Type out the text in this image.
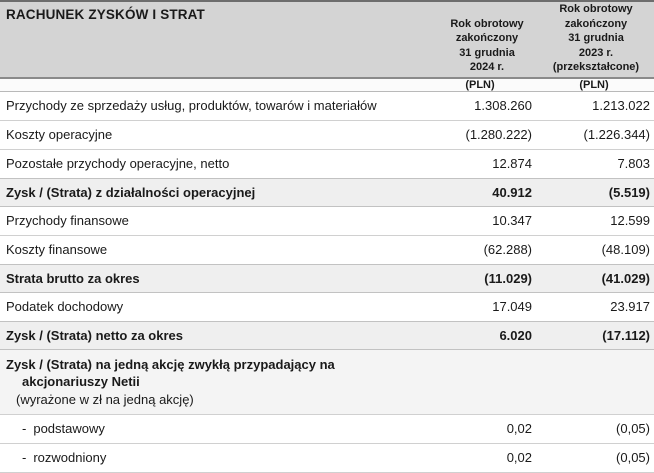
RACHUNEK ZYSKÓW I STRAT
Rok obrotowy
zakończony
31 grudnia
2024 r.
Rok obrotowy
zakończony
31 grudnia
2023 r.
(przekształcone)
(PLN)	(PLN)
Przychody ze sprzedaży usług, produktów, towarów i materiałów	1.308.260	1.213.022
Koszty operacyjne	(1.280.222)	(1.226.344)
Pozostałe przychody operacyjne, netto	12.874	7.803
Zysk / (Strata) z działalności operacyjnej	40.912	(5.519)
Przychody finansowe	10.347	12.599
Koszty finansowe	(62.288)	(48.109)
Strata brutto za okres	(11.029)	(41.029)
Podatek dochodowy	17.049	23.917
Zysk / (Strata) netto za okres	6.020	(17.112)
Zysk / (Strata) na jedną akcję zwykłą przypadający na
akcjonariuszy Netii
(wyrażone w zł na jedną akcję)
- podstawowy	0,02	(0,05)
- rozwodniony	0,02	(0,05)
